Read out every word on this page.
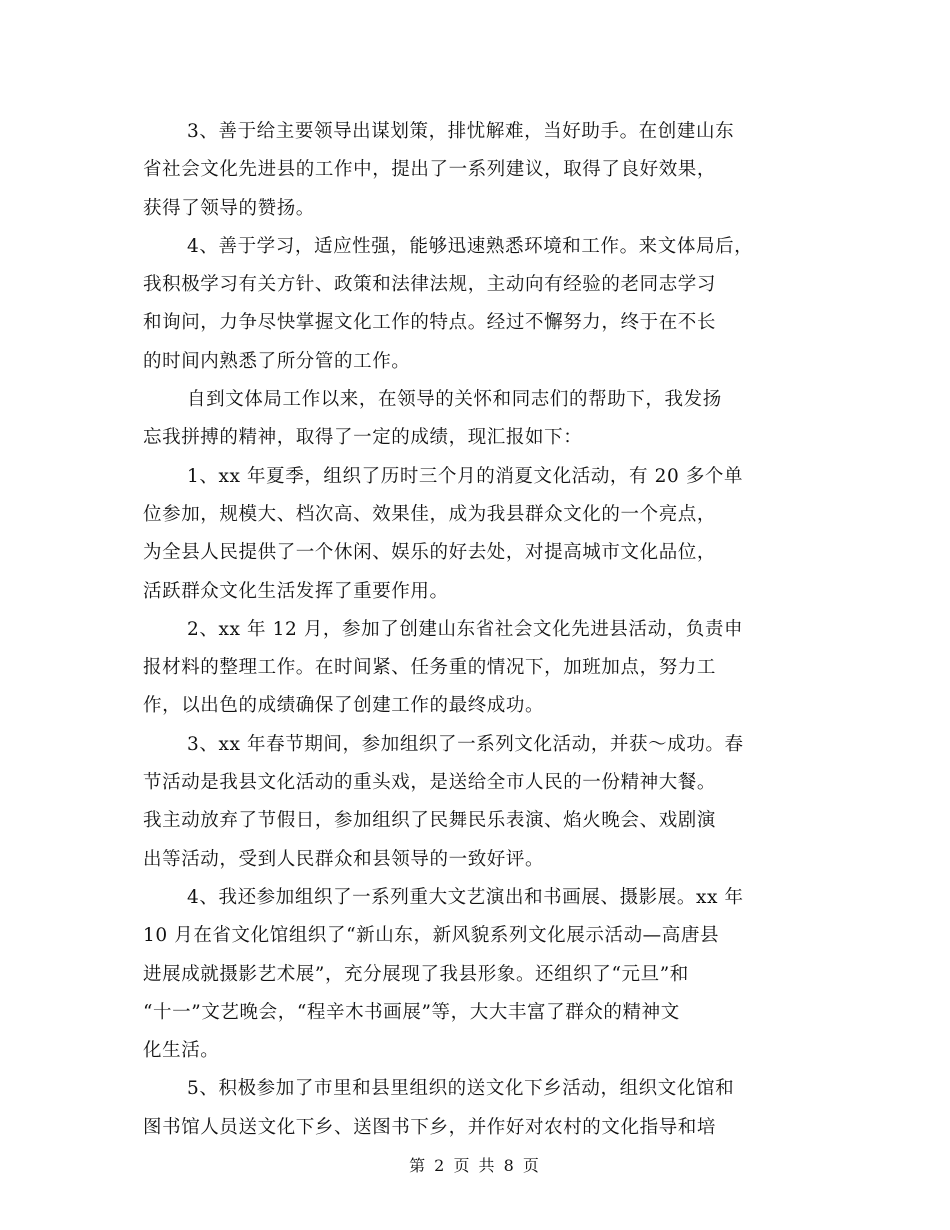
3、善于给主要领导出谋划策，排忧解难，当好助手。在创建山东
省社会文化先进县的工作中，提出了一系列建议，取得了良好效果，
获得了领导的赞扬。

4、善于学习，适应性强，能够迅速熟悉环境和工作。来文体局后，
我积极学习有关方针、政策和法律法规，主动向有经验的老同志学习
和询问，力争尽快掌握文化工作的特点。经过不懈努力，终于在不长
的时间内熟悉了所分管的工作。

自到文体局工作以来，在领导的关怀和同志们的帮助下，我发扬
忘我拼搏的精神，取得了一定的成绩，现汇报如下：

1、xx 年夏季，组织了历时三个月的消夏文化活动，有 20 多个单
位参加，规模大、档次高、效果佳，成为我县群众文化的一个亮点，
为全县人民提供了一个休闲、娱乐的好去处，对提高城市文化品位，
活跃群众文化生活发挥了重要作用。

2、xx 年 12 月，参加了创建山东省社会文化先进县活动，负责申
报材料的整理工作。在时间紧、任务重的情况下，加班加点，努力工
作，以出色的成绩确保了创建工作的最终成功。

3、xx 年春节期间，参加组织了一系列文化活动，并获～成功。春
节活动是我县文化活动的重头戏，是送给全市人民的一份精神大餐。
我主动放弃了节假日，参加组织了民舞民乐表演、焰火晚会、戏剧演
出等活动，受到人民群众和县领导的一致好评。

4、我还参加组织了一系列重大文艺演出和书画展、摄影展。xx 年
10 月在省文化馆组织了“新山东，新风貌系列文化展示活动—高唐县
进展成就摄影艺术展”，充分展现了我县形象。还组织了“元旦”和
“十一”文艺晚会，“程辛木书画展”等，大大丰富了群众的精神文
化生活。

5、积极参加了市里和县里组织的送文化下乡活动，组织文化馆和
图书馆人员送文化下乡、送图书下乡，并作好对农村的文化指导和培

第 2 页 共 8 页
